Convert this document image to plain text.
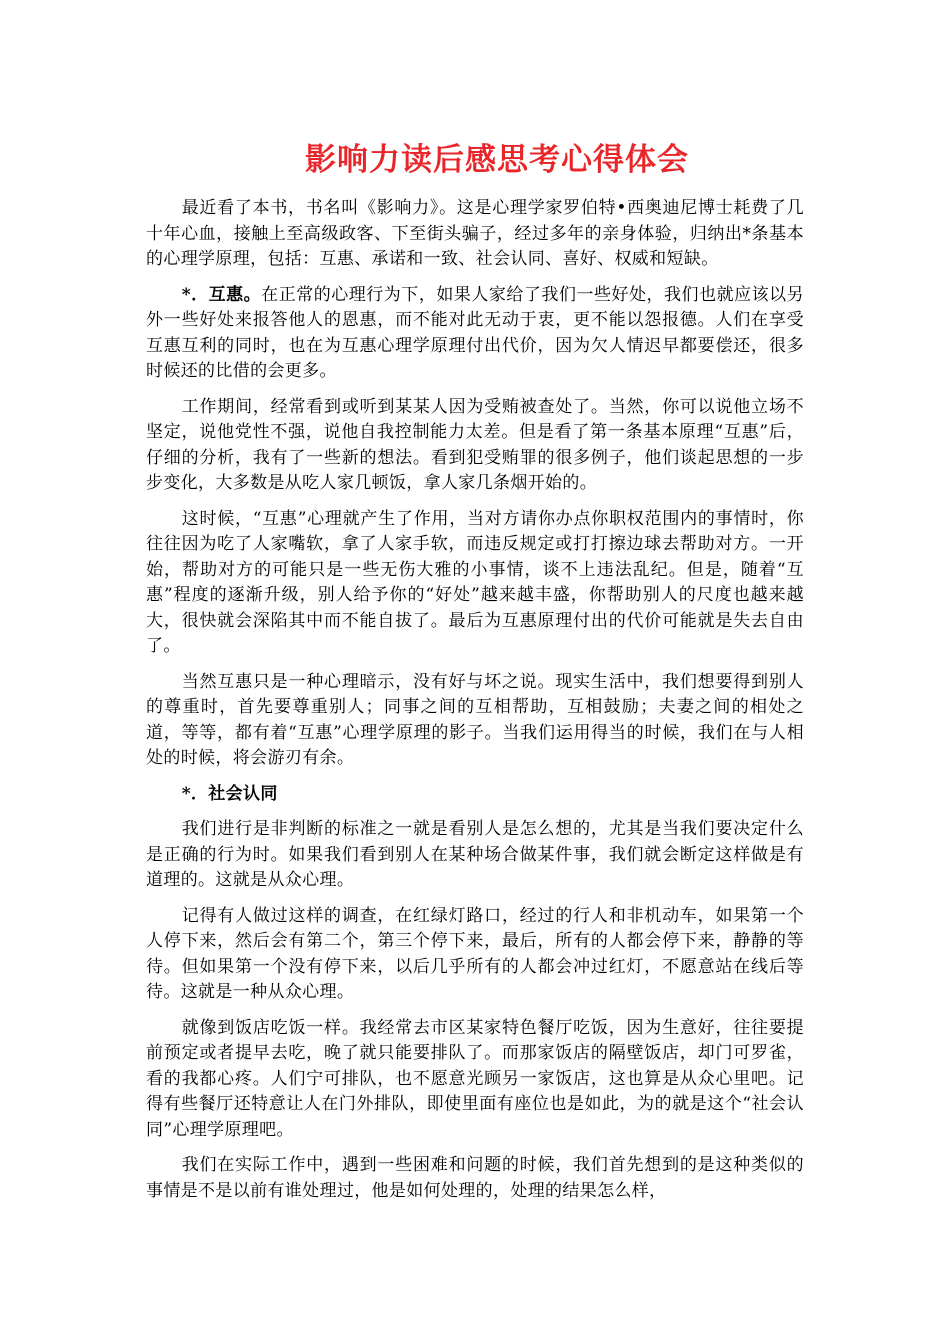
影响力读后感思考心得体会

最近看了本书，书名叫《影响力》。这是心理学家罗伯特•西奥迪尼博士耗费了几十年心血，接触上至高级政客、下至街头骗子，经过多年的亲身体验，归纳出*条基本的心理学原理，包括：互惠、承诺和一致、社会认同、喜好、权威和短缺。

*．互惠。在正常的心理行为下，如果人家给了我们一些好处，我们也就应该以另外一些好处来报答他人的恩惠，而不能对此无动于衷，更不能以怨报德。人们在享受互惠互利的同时，也在为互惠心理学原理付出代价，因为欠人情迟早都要偿还，很多时候还的比借的会更多。

工作期间，经常看到或听到某某人因为受贿被查处了。当然，你可以说他立场不坚定，说他党性不强，说他自我控制能力太差。但是看了第一条基本原理“互惠”后，仔细的分析，我有了一些新的想法。看到犯受贿罪的很多例子，他们谈起思想的一步步变化，大多数是从吃人家几顿饭，拿人家几条烟开始的。

这时候，“互惠”心理就产生了作用，当对方请你办点你职权范围内的事情时，你往往因为吃了人家嘴软，拿了人家手软，而违反规定或打打擦边球去帮助对方。一开始，帮助对方的可能只是一些无伤大雅的小事情，谈不上违法乱纪。但是，随着“互惠”程度的逐渐升级，别人给予你的“好处”越来越丰盛，你帮助别人的尺度也越来越大，很快就会深陷其中而不能自拔了。最后为互惠原理付出的代价可能就是失去自由了。

当然互惠只是一种心理暗示，没有好与坏之说。现实生活中，我们想要得到别人的尊重时，首先要尊重别人；同事之间的互相帮助，互相鼓励；夫妻之间的相处之道，等等，都有着“互惠”心理学原理的影子。当我们运用得当的时候，我们在与人相处的时候，将会游刃有余。

*．社会认同

我们进行是非判断的标准之一就是看别人是怎么想的，尤其是当我们要决定什么是正确的行为时。如果我们看到别人在某种场合做某件事，我们就会断定这样做是有道理的。这就是从众心理。

记得有人做过这样的调查，在红绿灯路口，经过的行人和非机动车，如果第一个人停下来，然后会有第二个，第三个停下来，最后，所有的人都会停下来，静静的等待。但如果第一个没有停下来，以后几乎所有的人都会冲过红灯，不愿意站在线后等待。这就是一种从众心理。

就像到饭店吃饭一样。我经常去市区某家特色餐厅吃饭，因为生意好，往往要提前预定或者提早去吃，晚了就只能要排队了。而那家饭店的隔壁饭店，却门可罗雀，看的我都心疼。人们宁可排队，也不愿意光顾另一家饭店，这也算是从众心里吧。记得有些餐厅还特意让人在门外排队，即使里面有座位也是如此，为的就是这个“社会认同”心理学原理吧。

我们在实际工作中，遇到一些困难和问题的时候，我们首先想到的是这种类似的事情是不是以前有谁处理过，他是如何处理的，处理的结果怎么样，
